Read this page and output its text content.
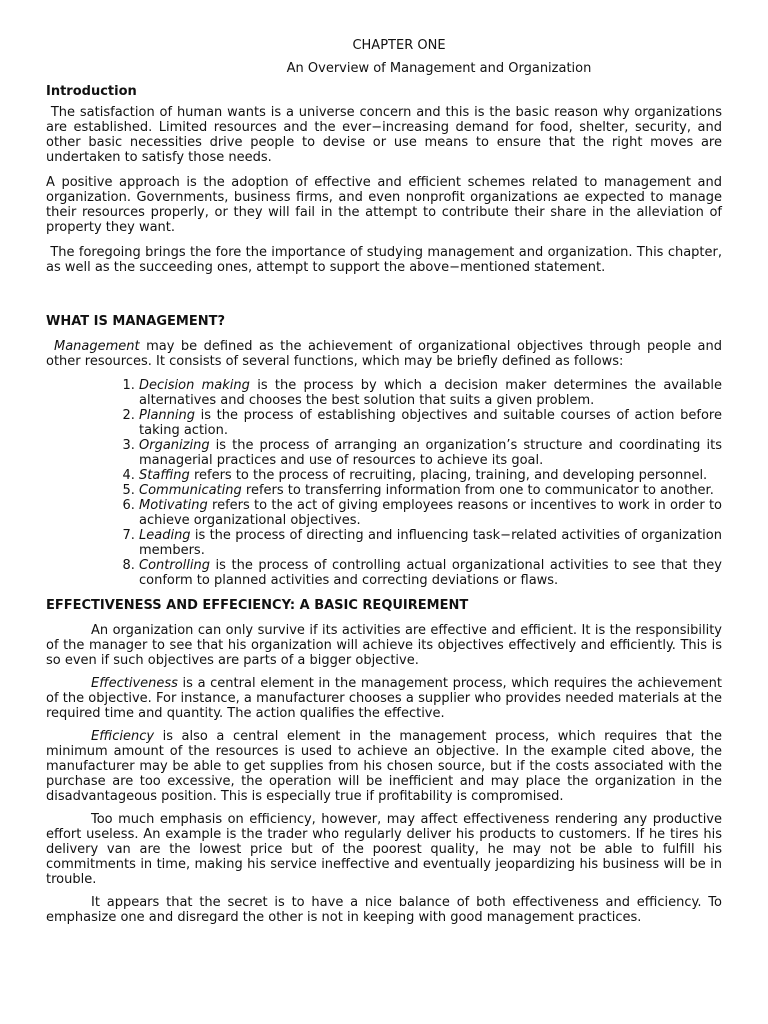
CHAPTER ONE

An Overview of Management and Organization

Introduction

The satisfaction of human wants is a universe concern and this is the basic reason why organizations are established. Limited resources and the ever−increasing demand for food, shelter, security, and other basic necessities drive people to devise or use means to ensure that the right moves are undertaken to satisfy those needs.

A positive approach is the adoption of effective and efficient schemes related to management and organization. Governments, business firms, and even nonprofit organizations ae expected to manage their resources properly, or they will fail in the attempt to contribute their share in the alleviation of property they want.

The foregoing brings the fore the importance of studying management and organization. This chapter, as well as the succeeding ones, attempt to support the above−mentioned statement.

WHAT IS MANAGEMENT?

Management may be defined as the achievement of organizational objectives through people and other resources. It consists of several functions, which may be briefly defined as follows:

1. Decision making is the process by which a decision maker determines the available alternatives and chooses the best solution that suits a given problem.
2. Planning is the process of establishing objectives and suitable courses of action before taking action.
3. Organizing is the process of arranging an organization’s structure and coordinating its managerial practices and use of resources to achieve its goal.
4. Staffing refers to the process of recruiting, placing, training, and developing personnel.
5. Communicating refers to transferring information from one to communicator to another.
6. Motivating refers to the act of giving employees reasons or incentives to work in order to achieve organizational objectives.
7. Leading is the process of directing and influencing task−related activities of organization members.
8. Controlling is the process of controlling actual organizational activities to see that they conform to planned activities and correcting deviations or flaws.
EFFECTIVENESS AND EFFECIENCY: A BASIC REQUIREMENT

An organization can only survive if its activities are effective and efficient. It is the responsibility of the manager to see that his organization will achieve its objectives effectively and efficiently. This is so even if such objectives are parts of a bigger objective.

Effectiveness is a central element in the management process, which requires the achievement of the objective. For instance, a manufacturer chooses a supplier who provides needed materials at the required time and quantity. The action qualifies the effective.

Efficiency is also a central element in the management process, which requires that the minimum amount of the resources is used to achieve an objective. In the example cited above, the manufacturer may be able to get supplies from his chosen source, but if the costs associated with the purchase are too excessive, the operation will be inefficient and may place the organization in the disadvantageous position. This is especially true if profitability is compromised.

Too much emphasis on efficiency, however, may affect effectiveness rendering any productive effort useless. An example is the trader who regularly deliver his products to customers. If he tires his delivery van are the lowest price but of the poorest quality, he may not be able to fulfill his commitments in time, making his service ineffective and eventually jeopardizing his business will be in trouble.

It appears that the secret is to have a nice balance of both effectiveness and efficiency. To emphasize one and disregard the other is not in keeping with good management practices.
